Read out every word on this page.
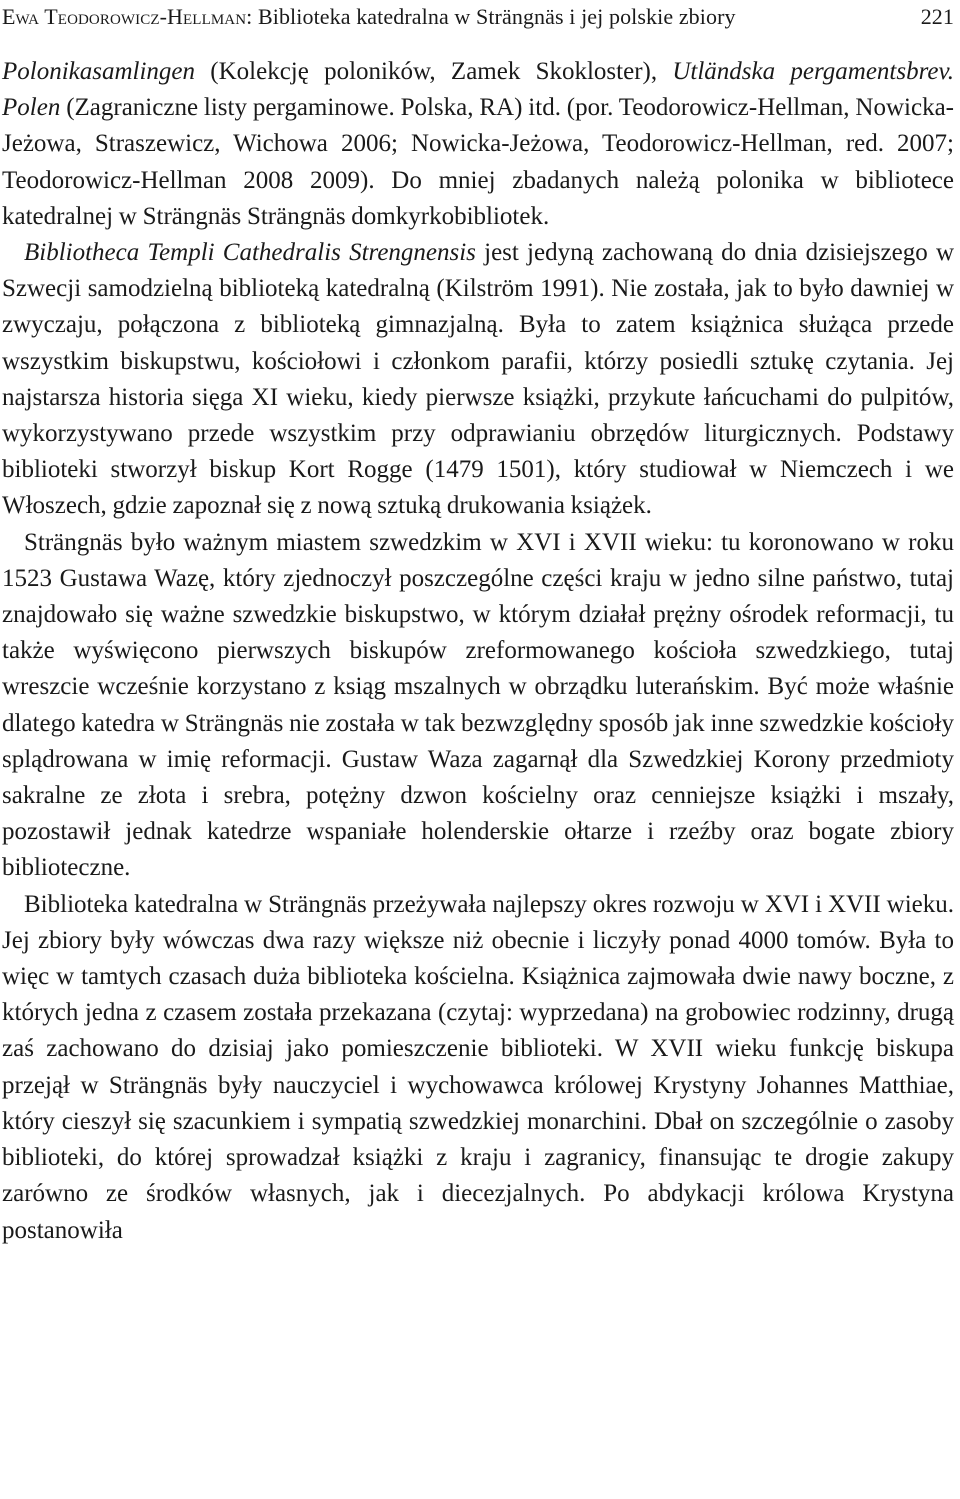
Ewa Teodorowicz-Hellman: Biblioteka katedralna w Strängnäs i jej polskie zbiory	221

Polonikasamlingen (Kolekcję poloników, Zamek Skokloster), Utländska pergamentsbrev. Polen (Zagraniczne listy pergaminowe. Polska, RA) itd. (por. Teodorowicz-Hellman, Nowicka-Jeżowa, Straszewicz, Wichowa 2006; Nowicka-Jeżowa, Teodorowicz-Hellman, red. 2007; Teodorowicz-Hellman 2008 2009). Do mniej zbadanych należą polonika w bibliotece katedralnej w Strängnäs Strängnäs domkyrkobibliotek.

Bibliotheca Templi Cathedralis Strengnensis jest jedyną zachowaną do dnia dzisiejszego w Szwecji samodzielną biblioteką katedralną (Kilström 1991). Nie została, jak to było dawniej w zwyczaju, połączona z biblioteką gimnazjalną. Była to zatem książnica służąca przede wszystkim biskupstwu, kościołowi i członkom parafii, którzy posiedli sztukę czytania. Jej najstarsza historia sięga XI wieku, kiedy pierwsze książki, przykute łańcuchami do pulpitów, wykorzystywano przede wszystkim przy odprawianiu obrzędów liturgicznych. Podstawy biblioteki stworzył biskup Kort Rogge (1479 1501), który studiował w Niemczech i we Włoszech, gdzie zapoznał się z nową sztuką drukowania książek.

Strängnäs było ważnym miastem szwedzkim w XVI i XVII wieku: tu koronowano w roku 1523 Gustawa Wazę, który zjednoczył poszczególne części kraju w jedno silne państwo, tutaj znajdowało się ważne szwedzkie biskupstwo, w którym działał prężny ośrodek reformacji, tu także wyświęcono pierwszych biskupów zreformowanego kościoła szwedzkiego, tutaj wreszcie wcześnie korzystano z ksiąg mszalnych w obrządku luterańskim. Być może właśnie dlatego katedra w Strängnäs nie została w tak bezwzględny sposób jak inne szwedzkie kościoły splądrowana w imię reformacji. Gustaw Waza zagarnął dla Szwedzkiej Korony przedmioty sakralne ze złota i srebra, potężny dzwon kościelny oraz cenniejsze książki i mszały, pozostawił jednak katedrze wspaniałe holenderskie ołtarze i rzeźby oraz bogate zbiory biblioteczne.

Biblioteka katedralna w Strängnäs przeżywała najlepszy okres rozwoju w XVI i XVII wieku. Jej zbiory były wówczas dwa razy większe niż obecnie i liczyły ponad 4000 tomów. Była to więc w tamtych czasach duża biblioteka kościelna. Książnica zajmowała dwie nawy boczne, z których jedna z czasem została przekazana (czytaj: wyprzedana) na grobowiec rodzinny, drugą zaś zachowano do dzisiaj jako pomieszczenie biblioteki. W XVII wieku funkcję biskupa przejął w Strängnäs były nauczyciel i wychowawca królowej Krystyny Johannes Matthiae, który cieszył się szacunkiem i sympatią szwedzkiej monarchini. Dbał on szczególnie o zasoby biblioteki, do której sprowadzał książki z kraju i zagranicy, finansując te drogie zakupy zarówno ze środków własnych, jak i diecezjalnych. Po abdykacji królowa Krystyna postanowiła
